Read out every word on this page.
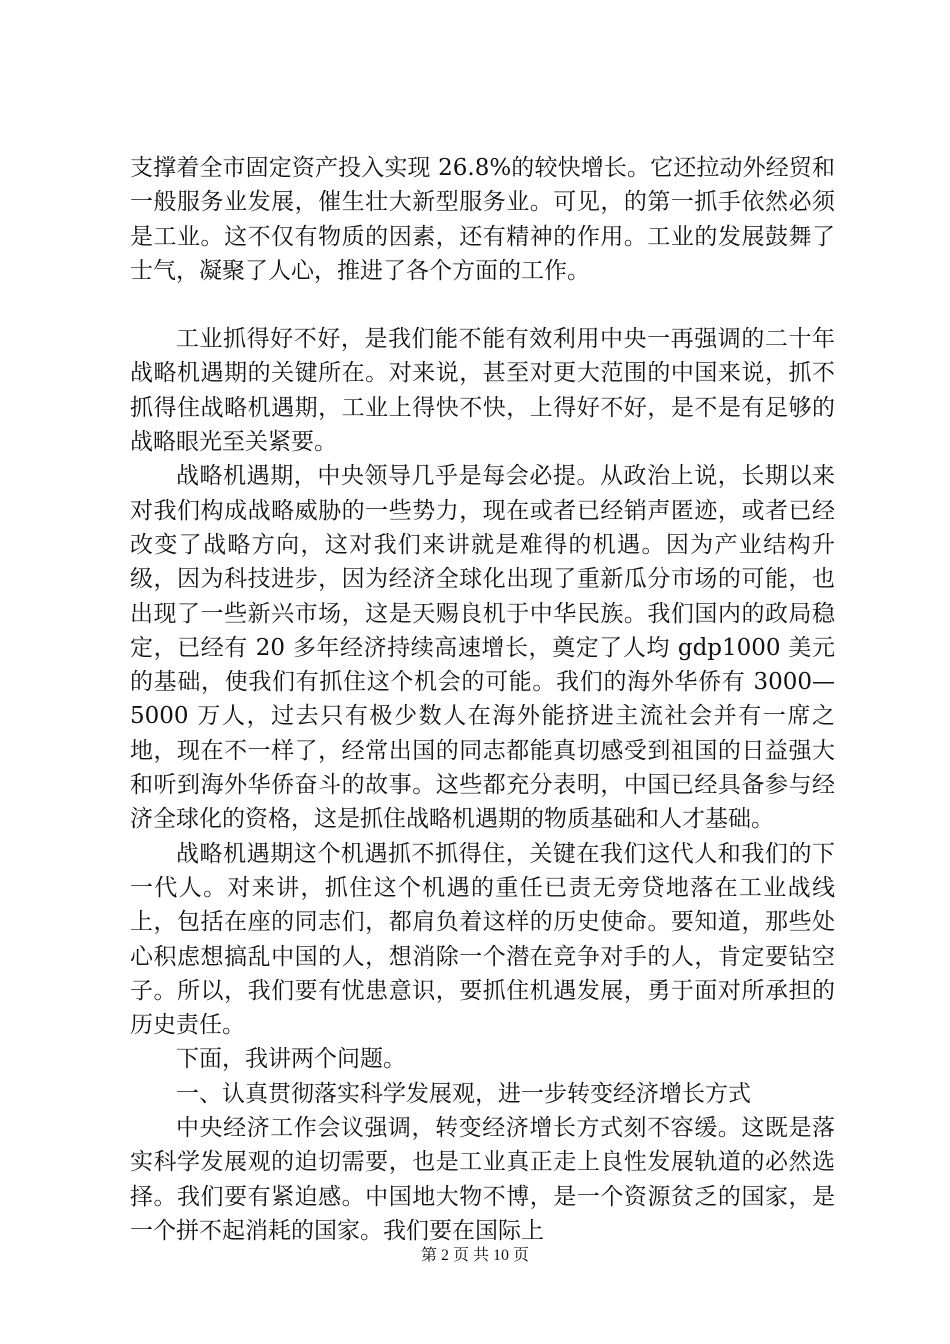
支撑着全市固定资产投入实现 26.8%的较快增长。它还拉动外经贸和一般服务业发展，催生壮大新型服务业。可见，的第一抓手依然必须是工业。这不仅有物质的因素，还有精神的作用。工业的发展鼓舞了士气，凝聚了人心，推进了各个方面的工作。

工业抓得好不好，是我们能不能有效利用中央一再强调的二十年战略机遇期的关键所在。对来说，甚至对更大范围的中国来说，抓不抓得住战略机遇期，工业上得快不快，上得好不好，是不是有足够的战略眼光至关紧要。

战略机遇期，中央领导几乎是每会必提。从政治上说，长期以来对我们构成战略威胁的一些势力，现在或者已经销声匿迹，或者已经改变了战略方向，这对我们来讲就是难得的机遇。因为产业结构升级，因为科技进步，因为经济全球化出现了重新瓜分市场的可能，也出现了一些新兴市场，这是天赐良机于中华民族。我们国内的政局稳定，已经有 20 多年经济持续高速增长，奠定了人均 gdp1000 美元的基础，使我们有抓住这个机会的可能。我们的海外华侨有 3000—5000 万人，过去只有极少数人在海外能挤进主流社会并有一席之地，现在不一样了，经常出国的同志都能真切感受到祖国的日益强大和听到海外华侨奋斗的故事。这些都充分表明，中国已经具备参与经济全球化的资格，这是抓住战略机遇期的物质基础和人才基础。

战略机遇期这个机遇抓不抓得住，关键在我们这代人和我们的下一代人。对来讲，抓住这个机遇的重任已责无旁贷地落在工业战线上，包括在座的同志们，都肩负着这样的历史使命。要知道，那些处心积虑想搞乱中国的人，想消除一个潜在竞争对手的人，肯定要钻空子。所以，我们要有忧患意识，要抓住机遇发展，勇于面对所承担的历史责任。

下面，我讲两个问题。

一、认真贯彻落实科学发展观，进一步转变经济增长方式

中央经济工作会议强调，转变经济增长方式刻不容缓。这既是落实科学发展观的迫切需要，也是工业真正走上良性发展轨道的必然选择。我们要有紧迫感。中国地大物不博，是一个资源贫乏的国家，是一个拼不起消耗的国家。我们要在国际上

第 2 页 共 10 页
